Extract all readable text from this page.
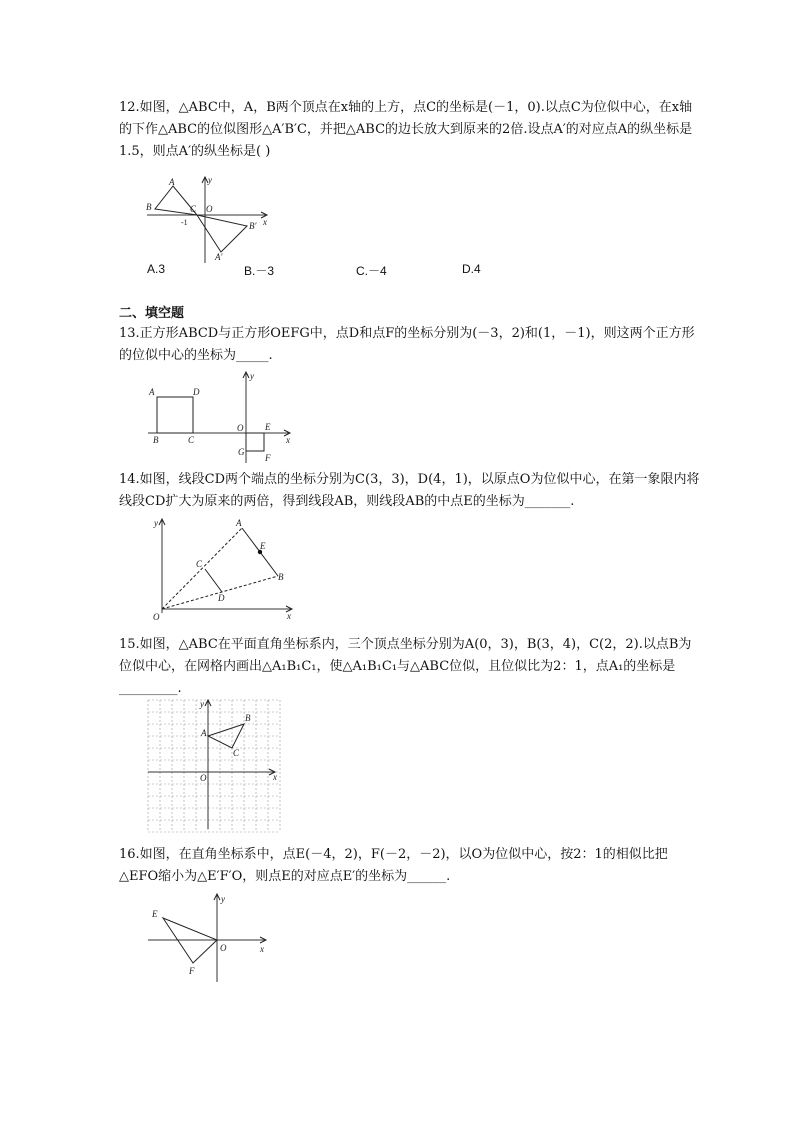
12.如图，△ABC中，A，B两个顶点在x轴的上方，点C的坐标是(－1，0).以点C为位似中心，在x轴的下作△ABC的位似图形△A′B′C，并把△ABC的边长放大到原来的2倍.设点A′的对应点A的纵坐标是1.5，则点A′的纵坐标是( )
A
B	C O
-1	x
y
A′
B′
A.3	B.－3	C.－4	D.4
二、填空题
13.正方形ABCD与正方形OEFG中，点D和点F的坐标分别为(－3，2)和(1，－1)，则这两个正方形的位似中心的坐标为_____.
A	D
B	C
O E
F
G
x
y
14.如图，线段CD两个端点的坐标分别为C(3，3)，D(4，1)，以原点O为位似中心，在第一象限内将线段CD扩大为原来的两倍，得到线段AB，则线段AB的中点E的坐标为_______.
A
B
C
D
E
O	x
y
15.如图，△ABC在平面直角坐标系内，三个顶点坐标分别为A(0，3)，B(3，4)，C(2，2).以点B为位似中心，在网格内画出△A₁B₁C₁，使△A₁B₁C₁与△ABC位似，且位似比为2：1，点A₁的坐标是_________.
A
B
C
O	x
y
16.如图，在直角坐标系中，点E(－4，2)，F(－2，－2)，以O为位似中心，按2：1的相似比把△EFO缩小为△E′F′O，则点E的对应点E′的坐标为______.
E
F
O	x
y
